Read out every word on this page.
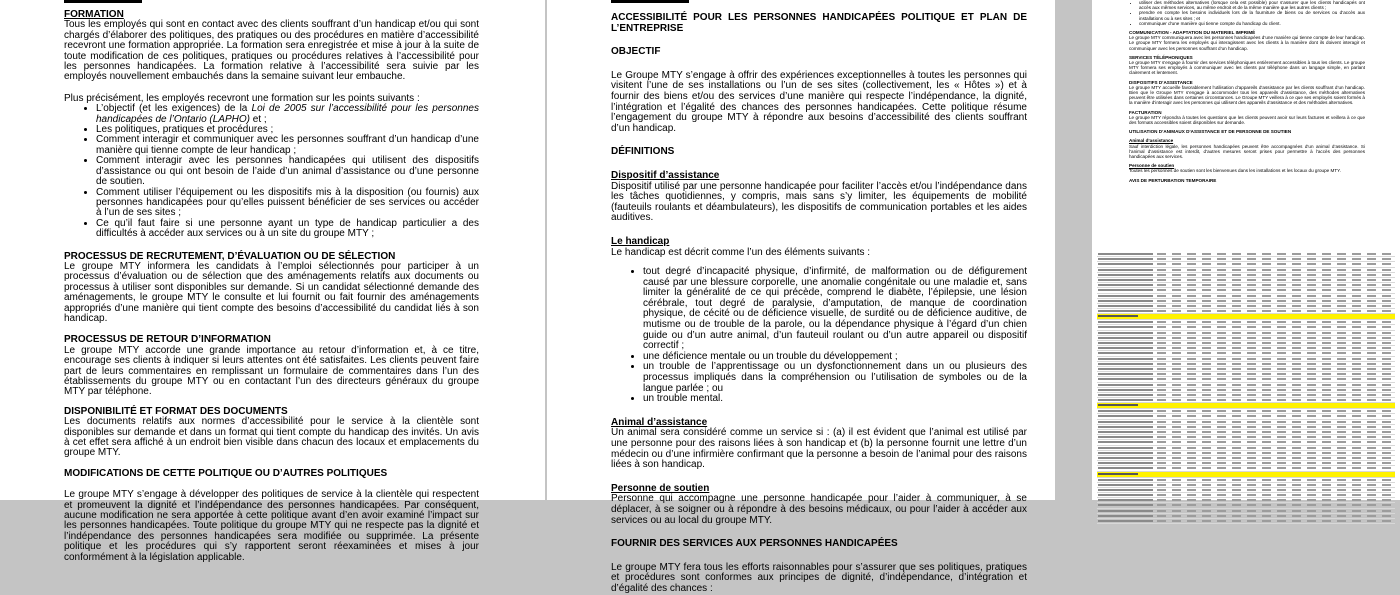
FORMATION

Tous les employés qui sont en contact avec des clients souffrant d’un handicap et/ou qui sont chargés d’élaborer des politiques, des pratiques ou des procédures en matière d’accessibilité recevront une formation appropriée. La formation sera enregistrée et mise à jour à la suite de toute modification de ces politiques, pratiques ou procédures relatives à l’accessibilité pour les personnes handicapées. La formation relative à l’accessibilité sera suivie par les employés nouvellement embauchés dans la semaine suivant leur embauche.

Plus précisément, les employés recevront une formation sur les points suivants :

• L’objectif (et les exigences) de la Loi de 2005 sur l’accessibilité pour les personnes handicapées de l’Ontario (LAPHO) et ;
• Les politiques, pratiques et procédures ;
• Comment interagir et communiquer avec les personnes souffrant d’un handicap d’une manière qui tienne compte de leur handicap ;
• Comment interagir avec les personnes handicapées qui utilisent des dispositifs d’assistance ou qui ont besoin de l’aide d’un animal d’assistance ou d’une personne de soutien.
• Comment utiliser l’équipement ou les dispositifs mis à la disposition (ou fournis) aux personnes handicapées pour qu’elles puissent bénéficier de ses services ou accéder à l’un de ses sites ;
• Ce qu’il faut faire si une personne ayant un type de handicap particulier a des difficultés à accéder aux services ou à un site du groupe MTY ;
PROCESSUS DE RECRUTEMENT, D’ÉVALUATION OU DE SÉLECTION

Le groupe MTY informera les candidats à l’emploi sélectionnés pour participer à un processus d’évaluation ou de sélection que des aménagements relatifs aux documents ou processus à utiliser sont disponibles sur demande. Si un candidat sélectionné demande des aménagements, le groupe MTY le consulte et lui fournit ou fait fournir des aménagements appropriés d’une manière qui tient compte des besoins d’accessibilité du candidat liés à son handicap.

PROCESSUS DE RETOUR D’INFORMATION

Le groupe MTY accorde une grande importance au retour d’information et, à ce titre, encourage ses clients à indiquer si leurs attentes ont été satisfaites. Les clients peuvent faire part de leurs commentaires en remplissant un formulaire de commentaires dans l’un des établissements du groupe MTY ou en contactant l’un des directeurs généraux du groupe MTY par téléphone.

DISPONIBILITÉ ET FORMAT DES DOCUMENTS

Les documents relatifs aux normes d’accessibilité pour le service à la clientèle sont disponibles sur demande et dans un format qui tient compte du handicap des invités. Un avis à cet effet sera affiché à un endroit bien visible dans chacun des locaux et emplacements du groupe MTY.

MODIFICATIONS DE CETTE POLITIQUE OU D’AUTRES POLITIQUES

Le groupe MTY s’engage à développer des politiques de service à la clientèle qui respectent et promeuvent la dignité et l’indépendance des personnes handicapées. Par conséquent, aucune modification ne sera apportée à cette politique avant d’en avoir examiné l’impact sur les personnes handicapées. Toute politique du groupe MTY qui ne respecte pas la dignité et l’indépendance des personnes handicapées sera modifiée ou supprimée. La présente politique et les procédures qui s’y rapportent seront réexaminées et mises à jour conformément à la législation applicable.

ACCESSIBILITÉ POUR LES PERSONNES HANDICAPÉES POLITIQUE ET PLAN DE L’ENTREPRISE
OBJECTIF

Le Groupe MTY s’engage à offrir des expériences exceptionnelles à toutes les personnes qui visitent l’une de ses installations ou l’un de ses sites (collectivement, les « Hôtes ») et à fournir des biens et/ou des services d’une manière qui respecte l’indépendance, la dignité, l’intégration et l’égalité des chances des personnes handicapées. Cette politique résume l’engagement du groupe MTY à répondre aux besoins d’accessibilité des clients souffrant d’un handicap.

DÉFINITIONS
Dispositif d’assistance

Dispositif utilisé par une personne handicapée pour faciliter l’accès et/ou l’indépendance dans les tâches quotidiennes, y compris, mais sans s’y limiter, les équipements de mobilité (fauteuils roulants et déambulateurs), les dispositifs de communication portables et les aides auditives.

Le handicap

Le handicap est décrit comme l’un des éléments suivants :

• tout degré d’incapacité physique, d’infirmité, de malformation ou de défigurement causé par une blessure corporelle, une anomalie congénitale ou une maladie et, sans limiter la généralité de ce qui précède, comprend le diabète, l’épilepsie, une lésion cérébrale, tout degré de paralysie, d’amputation, de manque de coordination physique, de cécité ou de déficience visuelle, de surdité ou de déficience auditive, de mutisme ou de trouble de la parole, ou la dépendance physique à l’égard d’un chien guide ou d’un autre animal, d’un fauteuil roulant ou d’un autre appareil ou dispositif correctif ;
• une déficience mentale ou un trouble du développement ;
• un trouble de l’apprentissage ou un dysfonctionnement dans un ou plusieurs des processus impliqués dans la compréhension ou l’utilisation de symboles ou de la langue parlée ; ou
• un trouble mental.
Animal d’assistance

Un animal sera considéré comme un service si : (a) il est évident que l’animal est utilisé par une personne pour des raisons liées à son handicap et (b) la personne fournit une lettre d’un médecin ou d’une infirmière confirmant que la personne a besoin de l’animal pour des raisons liées à son handicap.

Personne de soutien

Personne qui accompagne une personne handicapée pour l’aider à communiquer, à se déplacer, à se soigner ou à répondre à des besoins médicaux, ou pour l’aider à accéder aux services ou au local du groupe MTY.

FOURNIR DES SERVICES AUX PERSONNES HANDICAPÉES

Le groupe MTY fera tous les efforts raisonnables pour s’assurer que ses politiques, pratiques et procédures sont conformes aux principes de dignité, d’indépendance, d’intégration et d’égalité des chances :

• utiliser des méthodes alternatives (lorsque cela est possible) pour s’assurer que les clients handicapés ont accès aux mêmes services, au même endroit et de la même manière que les autres clients ;
• prendre en compte les besoins individuels lors de la fourniture de biens ou de services ou d’accès aux installations ou à ses sites ; et
• communiquer d’une manière qui tienne compte du handicap du client.
COMMUNICATION - ADAPTATION DU MATERIEL IMPRIMÉ
Le groupe MTY communiquera avec les personnes handicapées d’une manière qui tienne compte de leur handicap. Le groupe MTY formera les employés qui interagissent avec les clients à la manière dont ils doivent interagir et communiquer avec les personnes souffrant d’un handicap.
SERVICES TÉLÉPHONIQUES
Le groupe MTY s’engage à fournir des services téléphoniques entièrement accessibles à tous les clients. Le groupe MTY formera ses employés à communiquer avec les clients par téléphone dans un langage simple, en parlant clairement et lentement.
DISPOSITIFS D’ASSISTANCE
Le groupe MTY accueille favorablement l’utilisation d’appareils d’assistance par les clients souffrant d’un handicap. Bien que le Groupe MTY s’engage à accommoder tous les appareils d’assistance, des méthodes alternatives peuvent être utilisées dans certaines circonstances. Le Groupe MTY veillera à ce que ses employés soient formés à la manière d’interagir avec les personnes qui utilisent des appareils d’assistance et des méthodes alternatives.
FACTURATION
Le groupe MTY répondra à toutes les questions que les clients peuvent avoir sur leurs factures et veillera à ce que des formats accessibles soient disponibles sur demande.
UTILISATION D’ANIMAUX D’ASSISTANCE ET DE PERSONNE DE SOUTIEN
Animal d’assistance
Sauf interdiction légale, les personnes handicapées peuvent être accompagnées d’un animal d’assistance. Si l’animal d’assistance est interdit, d’autres mesures seront prises pour permettre à l’accès des personnes handicapées aux services.
Personne de soutien
Toutes les personnes de soutien sont les bienvenues dans les installations et les locaux du groupe MTY.
AVIS DE PERTURBATION TEMPORAIRE
